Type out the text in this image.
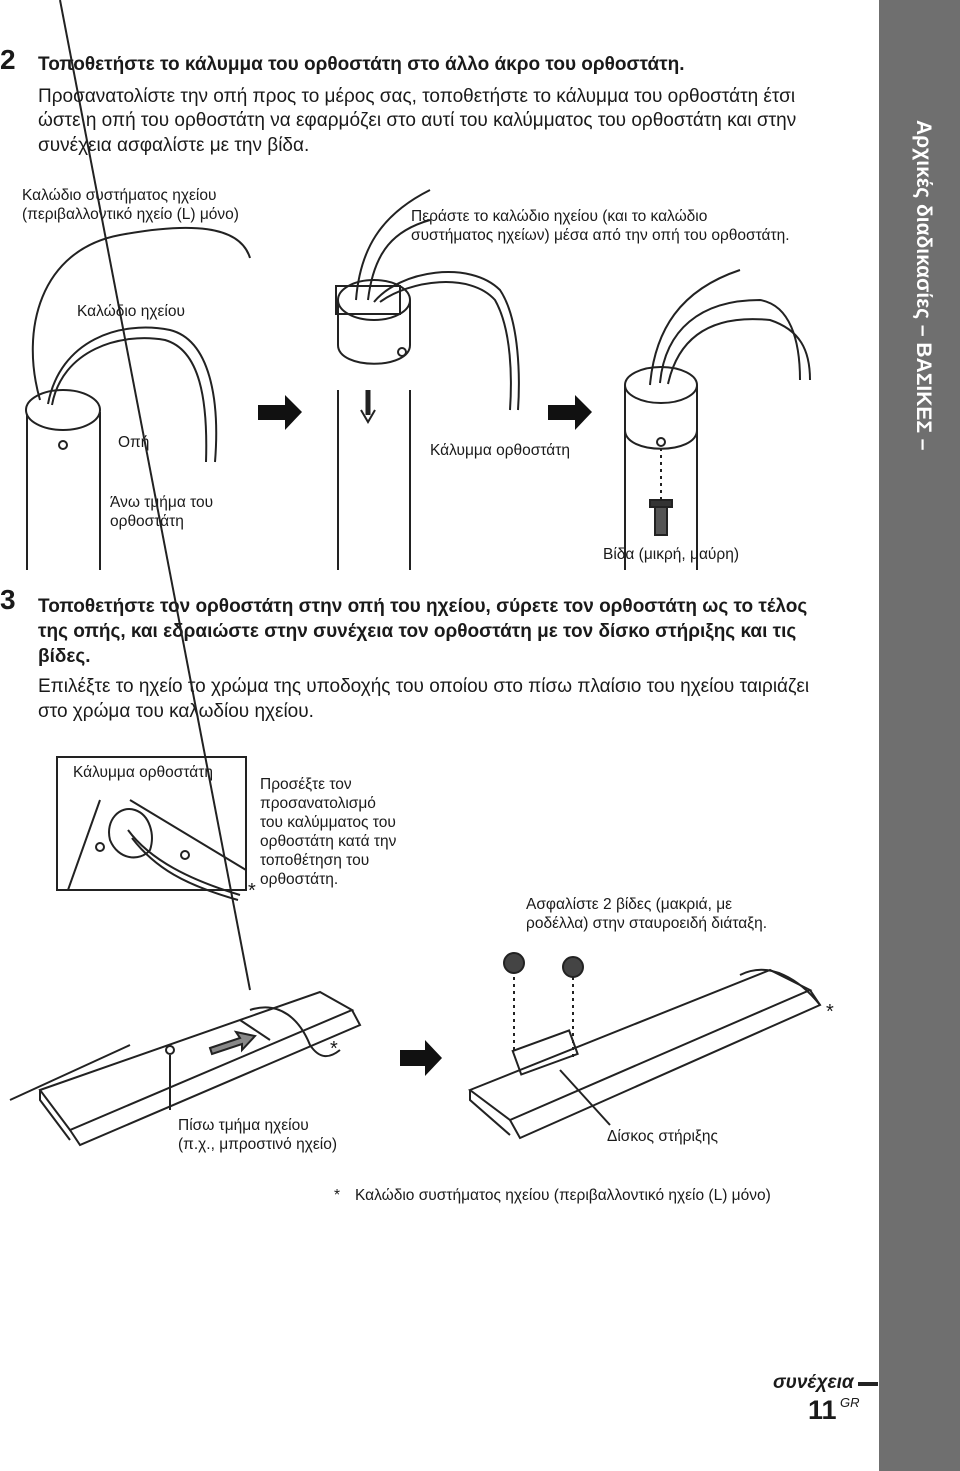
Αρχικές διαδικασίες – ΒΑΣΙΚΕΣ –
2 Τοποθετήστε το κάλυμμα του ορθοστάτη στο άλλο άκρο του ορθοστάτη.
Προσανατολίστε την οπή προς το μέρος σας, τοποθετήστε το κάλυμμα του ορθοστάτη έτσι
ώστε η οπή του ορθοστάτη να εφαρμόζει στο αυτί του καλύμματος του ορθοστάτη και στην
συνέχεια ασφαλίστε με την βίδα.
Καλώδιο συστήματος ηχείου
(περιβαλλοντικό ηχείο (L) μόνο)
Καλώδιο ηχείου
Οπή
Άνω τμήμα του
ορθοστάτη
Περάστε το καλώδιο ηχείου (και το καλώδιο
συστήματος ηχείων) μέσα από την οπή του ορθοστάτη.
Κάλυμμα ορθοστάτη
Βίδα (μικρή, μαύρη)
3 Τοποθετήστε τον ορθοστάτη στην οπή του ηχείου, σύρετε τον ορθοστάτη ως το τέλος
της οπής, και εδραιώστε στην συνέχεια τον ορθοστάτη με τον δίσκο στήριξης και τις
βίδες.
Επιλέξτε το ηχείο το χρώμα της υποδοχής του οποίου στο πίσω πλαίσιο του ηχείου ταιριάζει
στο χρώμα του καλωδίου ηχείου.
Κάλυμμα ορθοστάτη
Προσέξτε τον
προσανατολισμό
του καλύμματος του
ορθοστάτη κατά την
τοποθέτηση του
ορθοστάτη.
*
Ασφαλίστε 2 βίδες (μακριά, με
ροδέλλα) στην σταυροειδή διάταξη.
*
*
Πίσω τμήμα ηχείου
(π.χ., μπροστινό ηχείο)	Δίσκος στήριξης
* Καλώδιο συστήματος ηχείου (περιβαλλοντικό ηχείο (L) μόνο)
συνέχεια
11 GR
